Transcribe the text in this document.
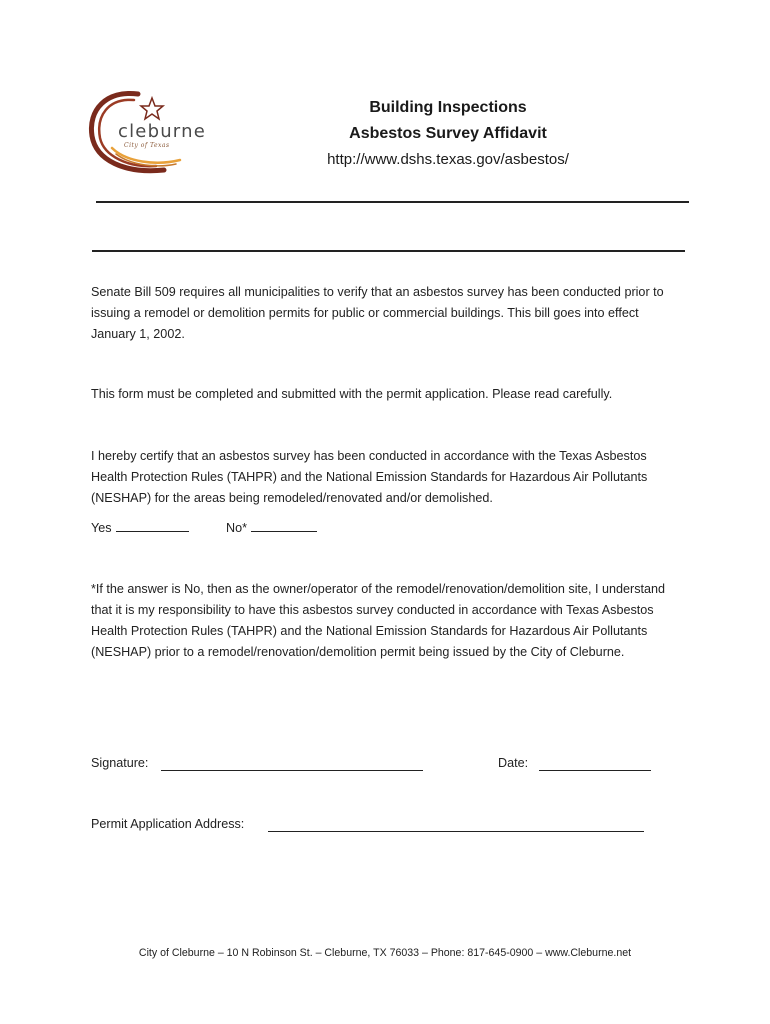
cleburne
City of Texas
Building Inspections
Asbestos Survey Affidavit
http://www.dshs.texas.gov/asbestos/
Senate Bill 509 requires all municipalities to verify that an asbestos survey has been conducted prior to issuing a remodel or demolition permits for public or commercial buildings. This bill goes into effect January 1, 2002.
This form must be completed and submitted with the permit application. Please read carefully.
I hereby certify that an asbestos survey has been conducted in accordance with the Texas Asbestos Health Protection Rules (TAHPR) and the National Emission Standards for Hazardous Air Pollutants (NESHAP) for the areas being remodeled/renovated and/or demolished.
Yes	No*
*If the answer is No, then as the owner/operator of the remodel/renovation/demolition site, I understand that it is my responsibility to have this asbestos survey conducted in accordance with Texas Asbestos Health Protection Rules (TAHPR) and the National Emission Standards for Hazardous Air Pollutants (NESHAP) prior to a remodel/renovation/demolition permit being issued by the City of Cleburne.
Signature:	Date:
Permit Application Address:
City of Cleburne – 10 N Robinson St. – Cleburne, TX 76033 – Phone: 817-645-0900 – www.Cleburne.net
